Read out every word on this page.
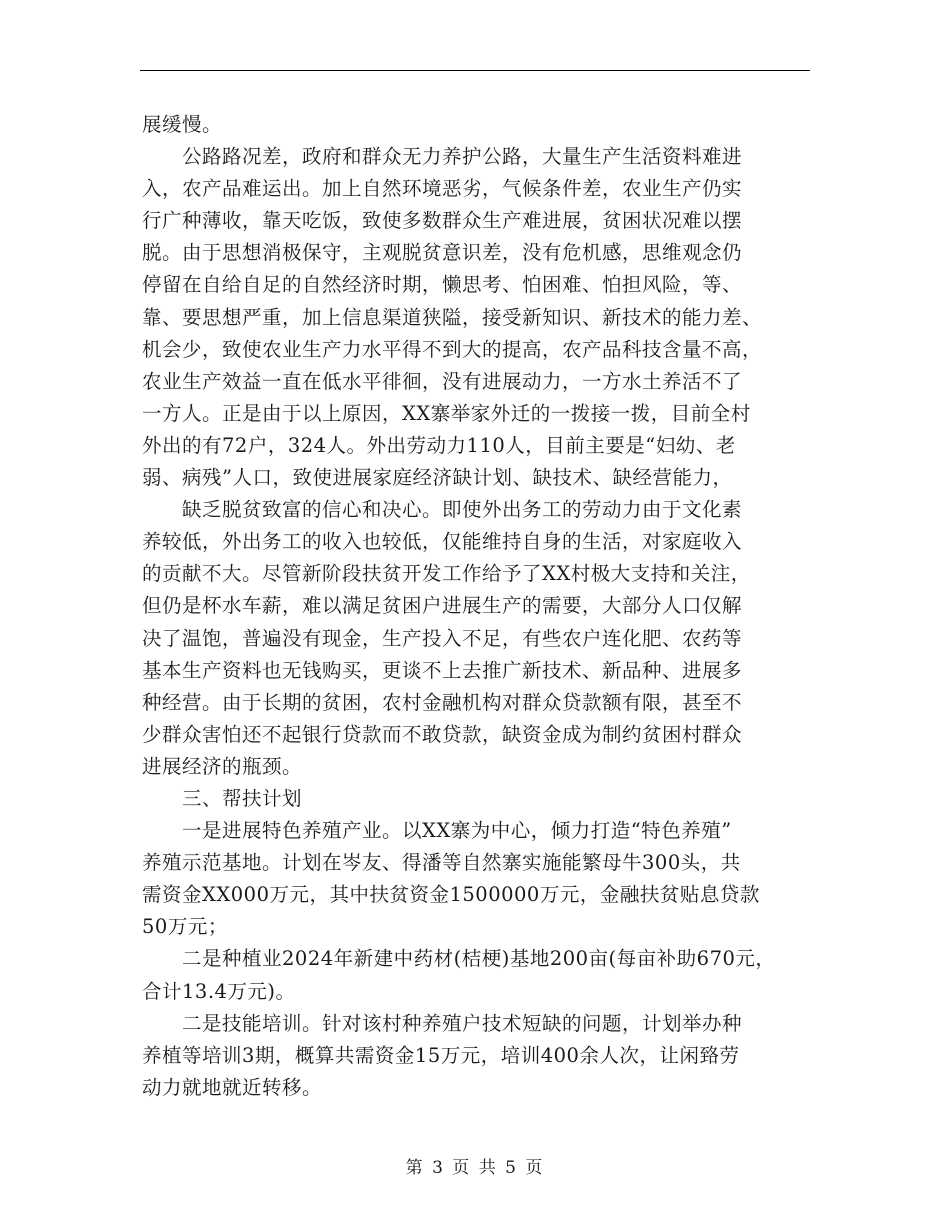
展缓慢。
　　公路路况差，政府和群众无力养护公路，大量生产生活资料难进
入，农产品难运出。加上自然环境恶劣，气候条件差，农业生产仍实
行广种薄收，靠天吃饭，致使多数群众生产难进展，贫困状况难以摆
脱。由于思想消极保守，主观脱贫意识差，没有危机感，思维观念仍
停留在自给自足的自然经济时期，懒思考、怕困难、怕担风险，等、
靠、要思想严重，加上信息渠道狭隘，接受新知识、新技术的能力差、
机会少，致使农业生产力水平得不到大的提高，农产品科技含量不高，
农业生产效益一直在低水平徘徊，没有进展动力，一方水土养活不了
一方人。正是由于以上原因，XX寨举家外迁的一拨接一拨，目前全村
外出的有72户，324人。外出劳动力110人，目前主要是“妇幼、老
弱、病残”人口，致使进展家庭经济缺计划、缺技术、缺经营能力，
　　缺乏脱贫致富的信心和决心。即使外出务工的劳动力由于文化素
养较低，外出务工的收入也较低，仅能维持自身的生活，对家庭收入
的贡献不大。尽管新阶段扶贫开发工作给予了XX村极大支持和关注，
但仍是杯水车薪，难以满足贫困户进展生产的需要，大部分人口仅解
决了温饱，普遍没有现金，生产投入不足，有些农户连化肥、农药等
基本生产资料也无钱购买，更谈不上去推广新技术、新品种、进展多
种经营。由于长期的贫困，农村金融机构对群众贷款额有限，甚至不
少群众害怕还不起银行贷款而不敢贷款，缺资金成为制约贫困村群众
进展经济的瓶颈。
　　三、帮扶计划
　　一是进展特色养殖产业。以XX寨为中心，倾力打造“特色养殖”
养殖示范基地。计划在岑友、得潘等自然寨实施能繁母牛300头，共
需资金XX000万元，其中扶贫资金1500000万元，金融扶贫贴息贷款
50万元；
　　二是种植业2024年新建中药材(桔梗)基地200亩(每亩补助670元，
合计13.4万元)。
　　二是技能培训。针对该村种养殖户技术短缺的问题，计划举办种
养植等培训3期，概算共需资金15万元，培训400余人次，让闲臵劳
动力就地就近转移。
第 3 页 共 5 页
